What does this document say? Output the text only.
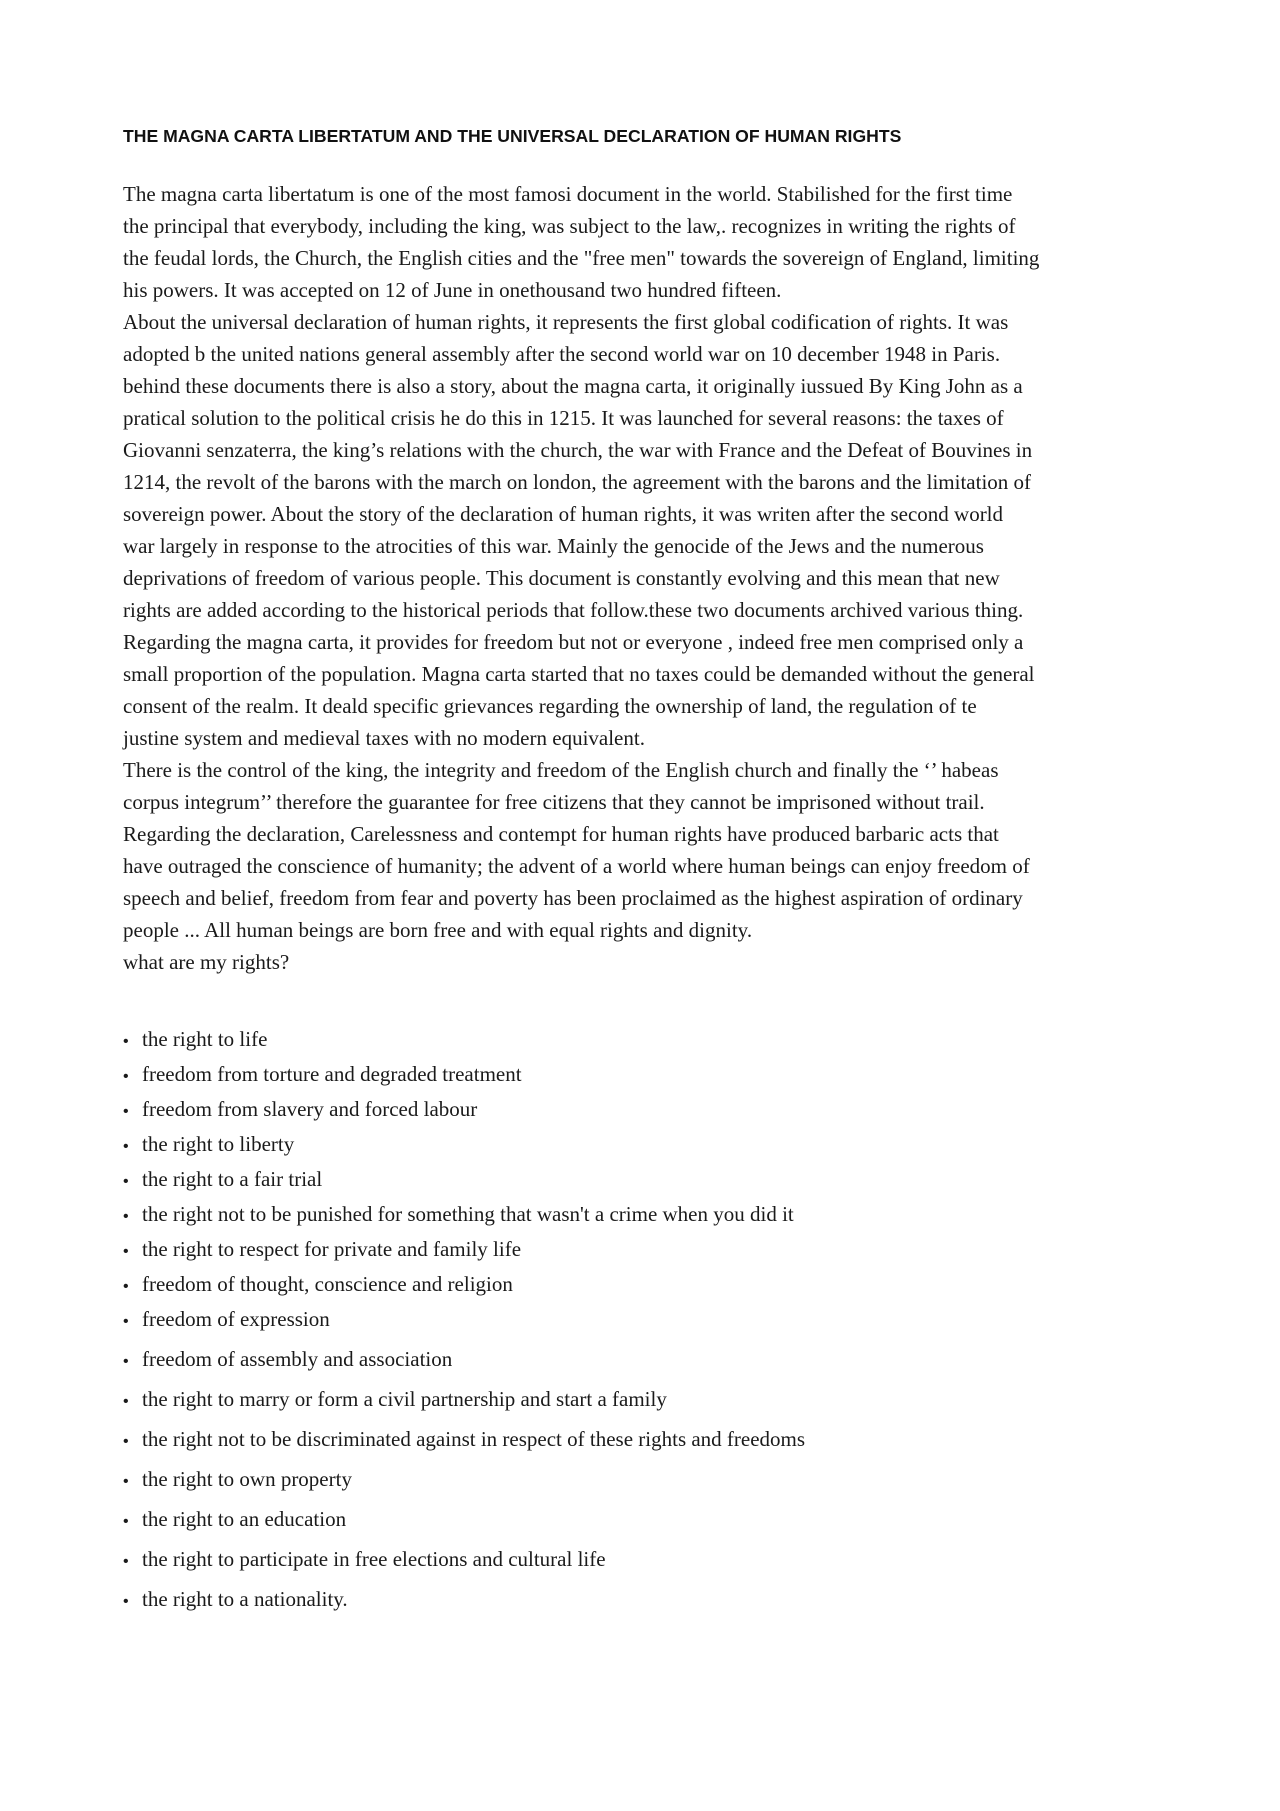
THE MAGNA CARTA LIBERTATUM AND THE UNIVERSAL DECLARATION OF HUMAN RIGHTS
The magna carta libertatum is one of the most famosi document in the world. Stabilished for the first time
the principal that everybody, including the king, was subject to the law,. recognizes in writing the rights of
the feudal lords, the Church, the English cities and the "free men" towards the sovereign of England, limiting
his powers. It was accepted on 12 of June in onethousand two hundred fifteen.
About the universal declaration of human rights, it represents the first global codification of rights. It was
adopted b the united nations general assembly after the second world war on 10 december 1948 in Paris.
behind these documents there is also a story, about the magna carta, it originally iussued By King John as a
pratical solution to the political crisis he do this in 1215. It was launched for several reasons: the taxes of
Giovanni senzaterra, the king’s relations with the church, the war with France and the Defeat of Bouvines in
1214, the revolt of the barons with the march on london, the agreement with the barons and the limitation of
sovereign power. About the story of the declaration of human rights, it was writen after the second world
war largely in response to the atrocities of this war. Mainly the genocide of the Jews and the numerous
deprivations of freedom of various people. This document is constantly evolving and this mean that new
rights are added according to the historical periods that follow.these two documents archived various thing.
Regarding the magna carta, it provides for freedom but not or everyone , indeed free men comprised only a
small proportion of the population. Magna carta started that no taxes could be demanded without the general
consent of the realm. It deald specific grievances regarding the ownership of land, the regulation of te
justine system and medieval taxes with no modern equivalent.
There is the control of the king, the integrity and freedom of the English church and finally the ‘’ habeas
corpus integrum’’ therefore the guarantee for free citizens that they cannot be imprisoned without trail.
Regarding the declaration, Carelessness and contempt for human rights have produced barbaric acts that
have outraged the conscience of humanity; the advent of a world where human beings can enjoy freedom of
speech and belief, freedom from fear and poverty has been proclaimed as the highest aspiration of ordinary
people ... All human beings are born free and with equal rights and dignity.
what are my rights?
• the right to life
• freedom from torture and degraded treatment
• freedom from slavery and forced labour
• the right to liberty
• the right to a fair trial
• the right not to be punished for something that wasn't a crime when you did it
• the right to respect for private and family life
• freedom of thought, conscience and religion
• freedom of expression
• freedom of assembly and association
• the right to marry or form a civil partnership and start a family
• the right not to be discriminated against in respect of these rights and freedoms
• the right to own property
• the right to an education
• the right to participate in free elections and cultural life
• the right to a nationality.
